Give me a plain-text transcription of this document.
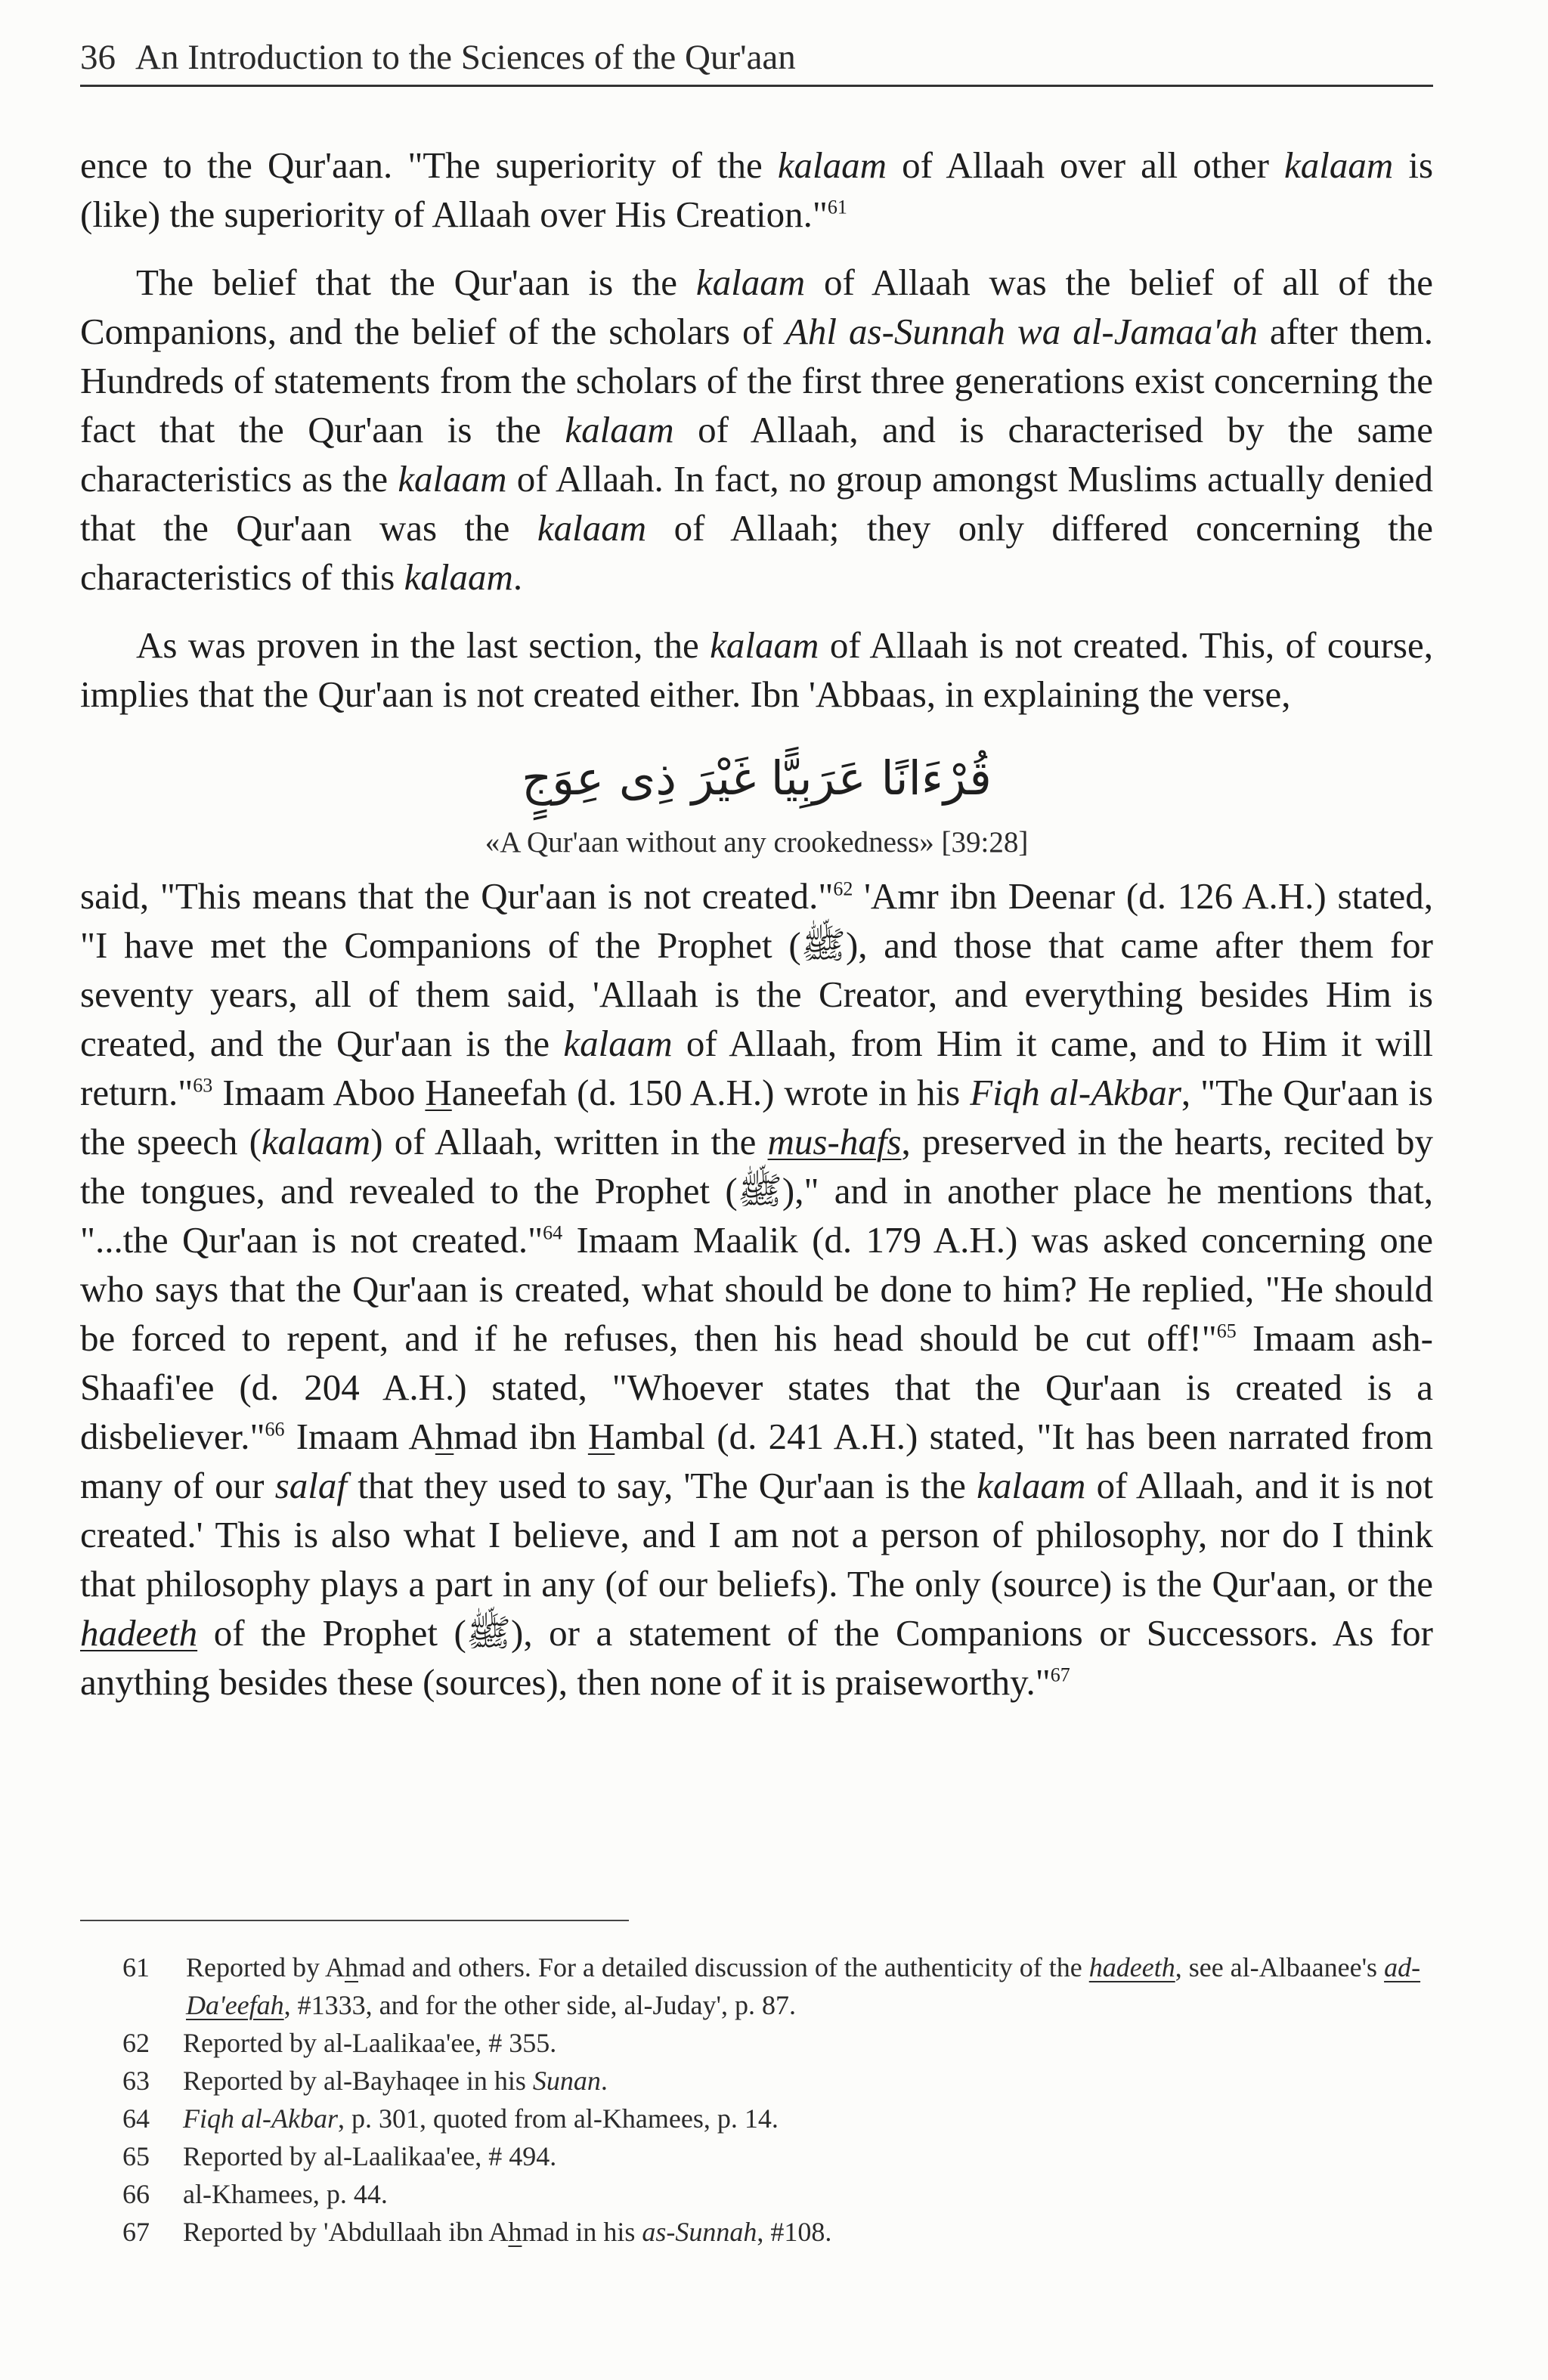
36 An Introduction to the Sciences of the Qur'aan

ence to the Qur'aan. "The superiority of the kalaam of Allaah over all other kalaam is (like) the superiority of Allaah over His Creation."$^{61}$

The belief that the Qur'aan is the kalaam of Allaah was the belief of all of the Companions, and the belief of the scholars of Ahl as-Sunnah wa al-Jamaa'ah after them. Hundreds of statements from the scholars of the first three generations exist concerning the fact that the Qur'aan is the kalaam of Allaah, and is characterised by the same characteristics as the kalaam of Allaah. In fact, no group amongst Muslims actually denied that the Qur'aan was the kalaam of Allaah; they only differed concerning the characteristics of this kalaam.

As was proven in the last section, the kalaam of Allaah is not created. This, of course, implies that the Qur'aan is not created either. Ibn 'Abbaas, in explaining the verse,

قُرْءَانًا عَرَبِيًّا غَيْرَ ذِى عِوَجٍ
«A Qur'aan without any crookedness» [39:28]

said, "This means that the Qur'aan is not created."$^{62}$ 'Amr ibn Deenar (d. 126 A.H.) stated, "I have met the Companions of the Prophet (ﷺ), and those that came after them for seventy years, all of them said, 'Allaah is the Creator, and everything besides Him is created, and the Qur'aan is the kalaam of Allaah, from Him it came, and to Him it will return."$^{63}$ Imaam Aboo Haneefah (d. 150 A.H.) wrote in his Fiqh al-Akbar, "The Qur'aan is the speech (kalaam) of Allaah, written in the mus-hafs, preserved in the hearts, recited by the tongues, and revealed to the Prophet (ﷺ)," and in another place he mentions that, "...the Qur'aan is not created."$^{64}$ Imaam Maalik (d. 179 A.H.) was asked concerning one who says that the Qur'aan is created, what should be done to him? He replied, "He should be forced to repent, and if he refuses, then his head should be cut off!"$^{65}$ Imaam ash-Shaafi'ee (d. 204 A.H.) stated, "Whoever states that the Qur'aan is created is a disbeliever."$^{66}$ Imaam Ahmad ibn Hambal (d. 241 A.H.) stated, "It has been narrated from many of our salaf that they used to say, 'The Qur'aan is the kalaam of Allaah, and it is not created.' This is also what I believe, and I am not a person of philosophy, nor do I think that philosophy plays a part in any (of our beliefs). The only (source) is the Qur'aan, or the hadeeth of the Prophet (ﷺ), or a statement of the Companions or Successors. As for anything besides these (sources), then none of it is praiseworthy."$^{67}$

61	Reported by Ahmad and others. For a detailed discussion of the authenticity of the hadeeth, see al-Albaanee's ad-Da'eefah, #1333, and for the other side, al-Juday', p. 87.
62	Reported by al-Laalikaa'ee, # 355.
63	Reported by al-Bayhaqee in his Sunan.
64	Fiqh al-Akbar, p. 301, quoted from al-Khamees, p. 14.
65	Reported by al-Laalikaa'ee, # 494.
66	al-Khamees, p. 44.
67	Reported by 'Abdullaah ibn Ahmad in his as-Sunnah, #108.
